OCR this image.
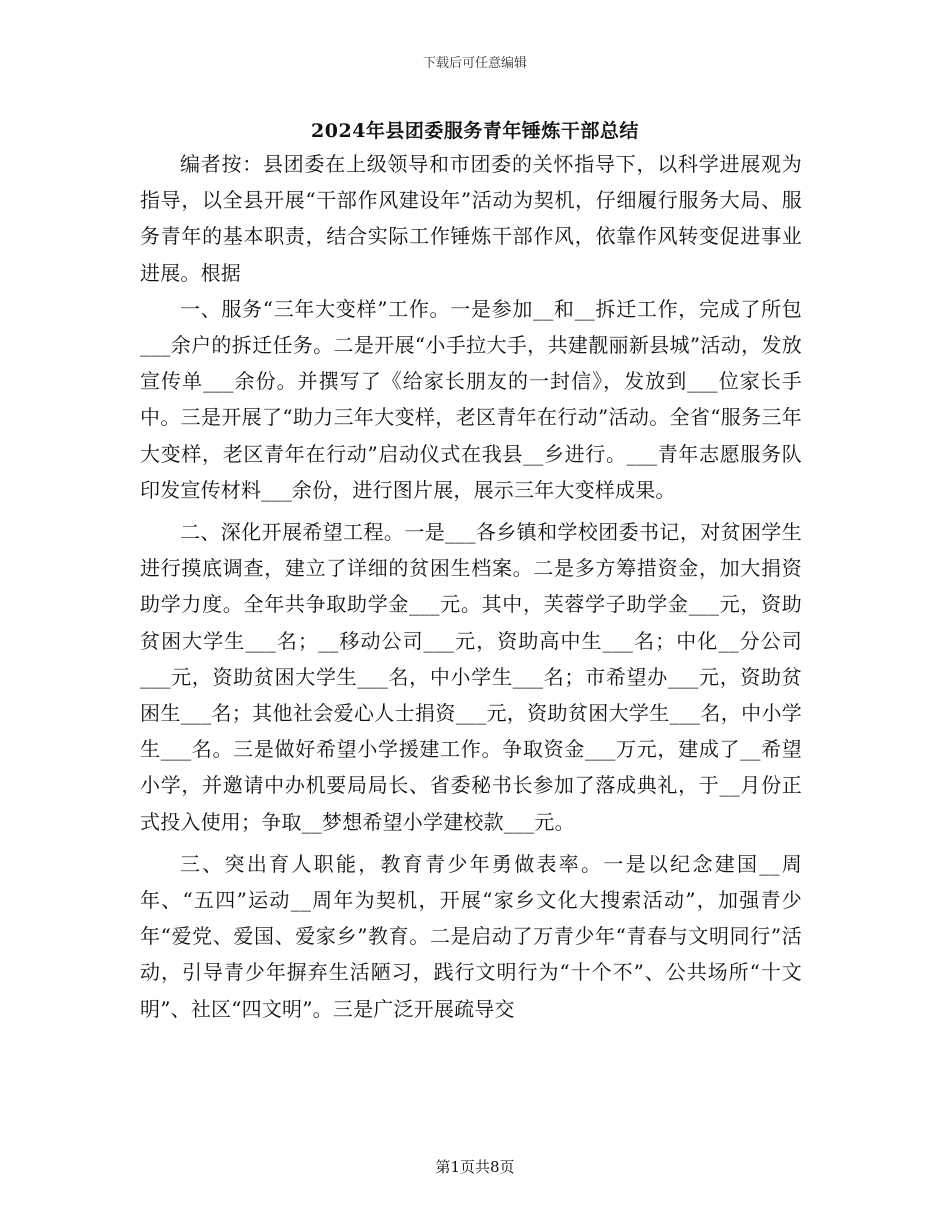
下载后可任意编辑
2024年县团委服务青年锤炼干部总结

编者按：县团委在上级领导和市团委的关怀指导下，以科学进展观为指导，以全县开展“干部作风建设年”活动为契机，仔细履行服务大局、服务青年的基本职责，结合实际工作锤炼干部作风，依靠作风转变促进事业进展。根据

一、服务“三年大变样”工作。一是参加__和__拆迁工作，完成了所包___余户的拆迁任务。二是开展“小手拉大手，共建靓丽新县城”活动，发放宣传单___余份。并撰写了《给家长朋友的一封信》，发放到___位家长手中。三是开展了“助力三年大变样，老区青年在行动”活动。全省“服务三年大变样，老区青年在行动”启动仪式在我县__乡进行。___青年志愿服务队印发宣传材料___余份，进行图片展，展示三年大变样成果。

二、深化开展希望工程。一是___各乡镇和学校团委书记，对贫困学生进行摸底调查，建立了详细的贫困生档案。二是多方筹措资金，加大捐资助学力度。全年共争取助学金___元。其中，芙蓉学子助学金___元，资助贫困大学生___名；__移动公司___元，资助高中生___名；中化__分公司___元，资助贫困大学生___名，中小学生___名；市希望办___元，资助贫困生___名；其他社会爱心人士捐资___元，资助贫困大学生___名，中小学生___名。三是做好希望小学援建工作。争取资金___万元，建成了__希望小学，并邀请中办机要局局长、省委秘书长参加了落成典礼，于__月份正式投入使用；争取__梦想希望小学建校款___元。

三、突出育人职能，教育青少年勇做表率。一是以纪念建国__周年、“五四”运动__周年为契机，开展“家乡文化大搜索活动”，加强青少年“爱党、爱国、爱家乡”教育。二是启动了万青少年“青春与文明同行”活动，引导青少年摒弃生活陋习，践行文明行为“十个不”、公共场所“十文明”、社区“四文明”。三是广泛开展疏导交

第1页共8页
